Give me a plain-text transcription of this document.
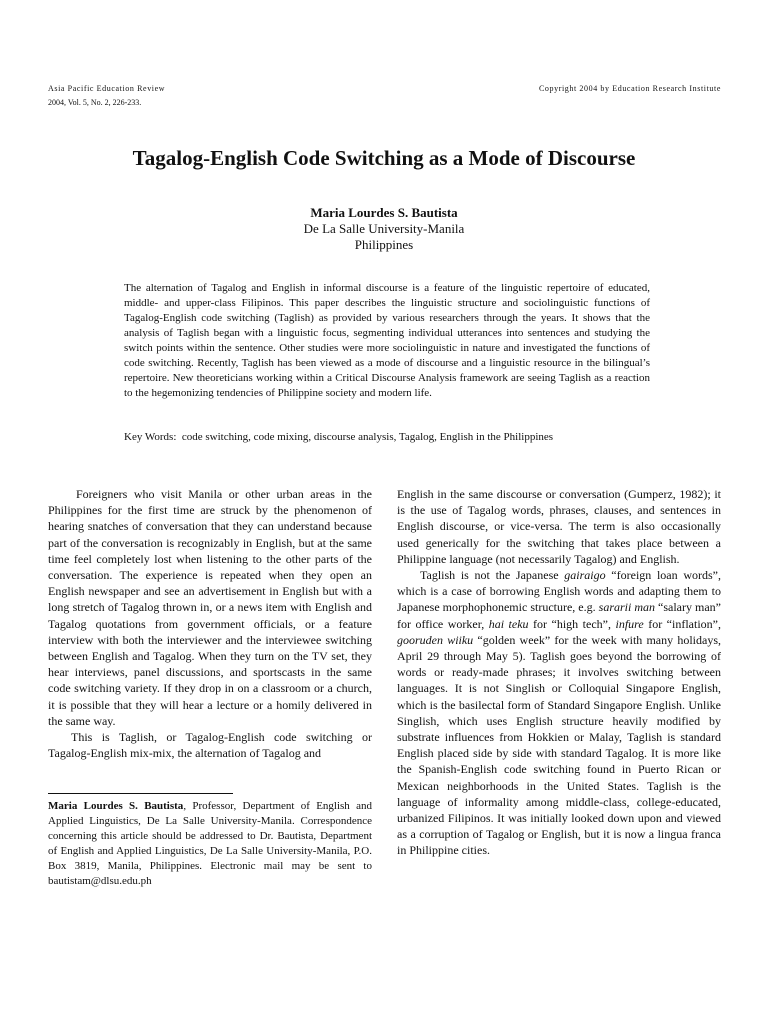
Asia Pacific Education Review
2004, Vol. 5, No. 2, 226-233.
Copyright 2004 by Education Research Institute
Tagalog-English Code Switching as a Mode of Discourse
Maria Lourdes S. Bautista
De La Salle University-Manila
Philippines

The alternation of Tagalog and English in informal discourse is a feature of the linguistic repertoire of educated, middle- and upper-class Filipinos. This paper describes the linguistic structure and sociolinguistic functions of Tagalog-English code switching (Taglish) as provided by various researchers through the years. It shows that the analysis of Taglish began with a linguistic focus, segmenting individual utterances into sentences and studying the switch points within the sentence. Other studies were more sociolinguistic in nature and investigated the functions of code switching. Recently, Taglish has been viewed as a mode of discourse and a linguistic resource in the bilingual’s repertoire. New theoreticians working within a Critical Discourse Analysis framework are seeing Taglish as a reaction to the hegemonizing tendencies of Philippine society and modern life.

Key Words: code switching, code mixing, discourse analysis, Tagalog, English in the Philippines

Foreigners who visit Manila or other urban areas in the Philippines for the first time are struck by the phenomenon of hearing snatches of conversation that they can understand because part of the conversation is recognizably in English, but at the same time feel completely lost when listening to the other parts of the conversation. The experience is repeated when they open an English newspaper and see an advertisement in English but with a long stretch of Tagalog thrown in, or a news item with English and Tagalog quotations from government officials, or a feature interview with both the interviewer and the interviewee switching between English and Tagalog. When they turn on the TV set, they hear interviews, panel discussions, and sportscasts in the same code switching variety. If they drop in on a classroom or a church, it is possible that they will hear a lecture or a homily delivered in the same way.

This is Taglish, or Tagalog-English code switching or Tagalog-English mix-mix, the alternation of Tagalog and

Maria Lourdes S. Bautista, Professor, Department of English and Applied Linguistics, De La Salle University-Manila. Correspondence concerning this article should be addressed to Dr. Bautista, Department of English and Applied Linguistics, De La Salle University-Manila, P.O. Box 3819, Manila, Philippines. Electronic mail may be sent to bautistam@dlsu.edu.ph

English in the same discourse or conversation (Gumperz, 1982); it is the use of Tagalog words, phrases, clauses, and sentences in English discourse, or vice-versa. The term is also occasionally used generically for the switching that takes place between a Philippine language (not necessarily Tagalog) and English.

Taglish is not the Japanese gairaigo “foreign loan words”, which is a case of borrowing English words and adapting them to Japanese morphophonemic structure, e.g. sararii man “salary man” for office worker, hai teku for “high tech”, infure for “inflation”, gooruden wiiku “golden week” for the week with many holidays, April 29 through May 5). Taglish goes beyond the borrowing of words or ready-made phrases; it involves switching between languages. It is not Singlish or Colloquial Singapore English, which is the basilectal form of Standard Singapore English. Unlike Singlish, which uses English structure heavily modified by substrate influences from Hokkien or Malay, Taglish is standard English placed side by side with standard Tagalog. It is more like the Spanish-English code switching found in Puerto Rican or Mexican neighborhoods in the United States. Taglish is the language of informality among middle-class, college-educated, urbanized Filipinos. It was initially looked down upon and viewed as a corruption of Tagalog or English, but it is now a lingua franca in Philippine cities.
